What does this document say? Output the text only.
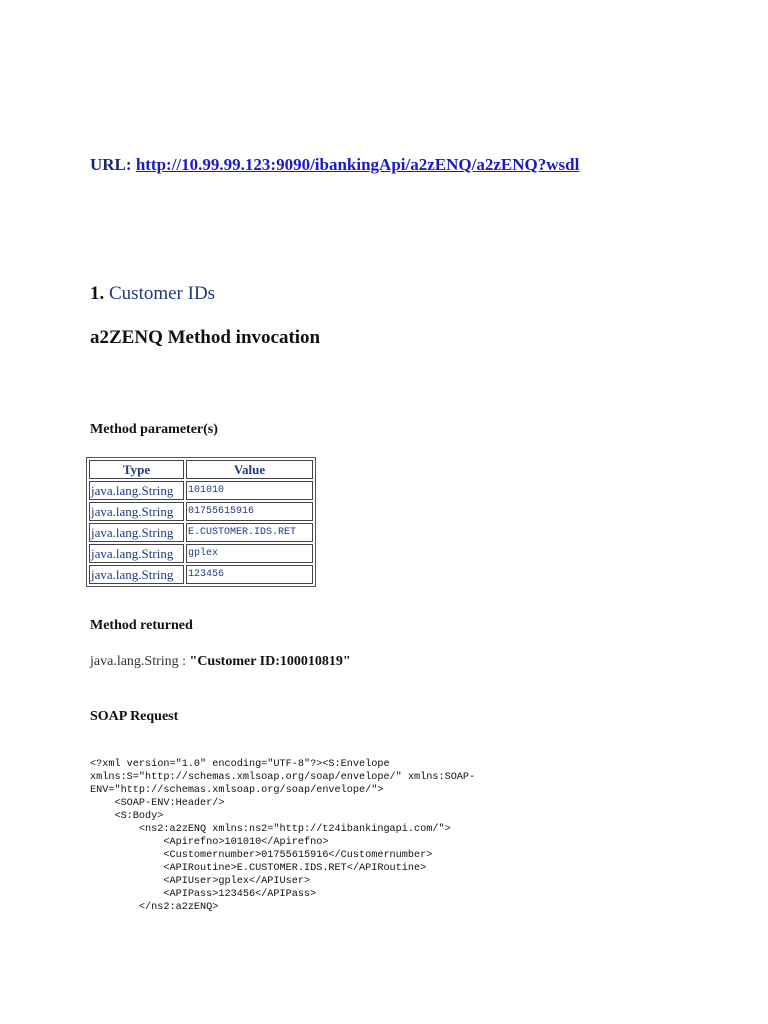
URL: http://10.99.99.123:9090/ibankingApi/a2zENQ/a2zENQ?wsdl
1. Customer IDs
a2ZENQ Method invocation
·
Method parameter(s)
Type	Value
java.lang.String	101010
java.lang.String	01755615916
java.lang.String	E.CUSTOMER.IDS.RET
java.lang.String	gplex
java.lang.String	123456
Method returned
java.lang.String : "Customer ID:100010819"
SOAP Request
·
<?xml version="1.0" encoding="UTF-8"?><S:Envelope
xmlns:S="http://schemas.xmlsoap.org/soap/envelope/" xmlns:SOAP-
ENV="http://schemas.xmlsoap.org/soap/envelope/">
<SOAP-ENV:Header/>
<S:Body>
<ns2:a2zENQ xmlns:ns2="http://t24ibankingapi.com/">
<Apirefno>101010</Apirefno>
<Customernumber>01755615916</Customernumber>
<APIRoutine>E.CUSTOMER.IDS.RET</APIRoutine>
<APIUser>gplex</APIUser>
<APIPass>123456</APIPass>
</ns2:a2zENQ>
